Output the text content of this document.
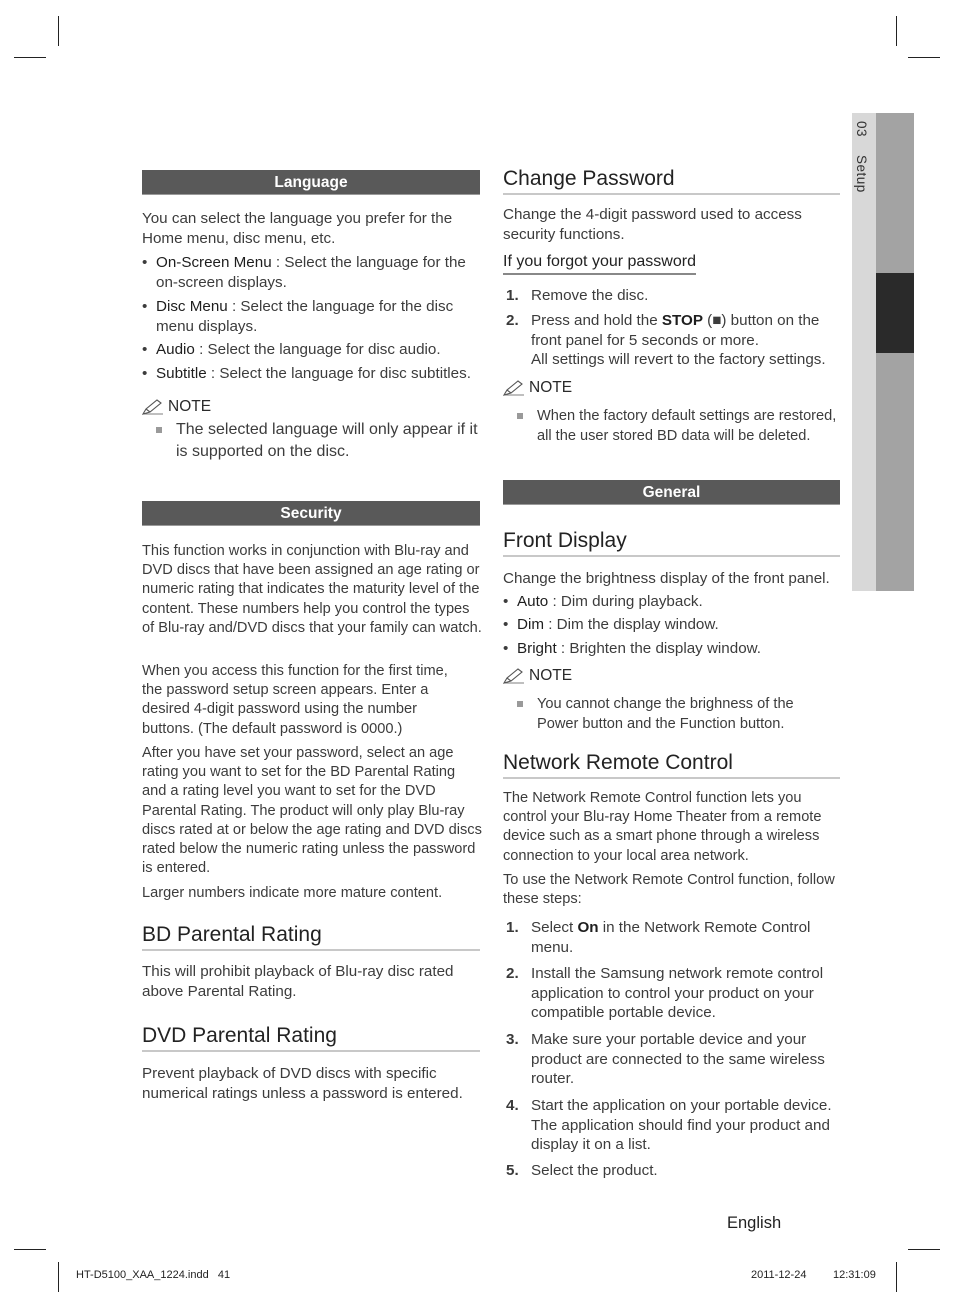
03 Setup
Language
You can select the language you prefer for the Home menu, disc menu, etc.
• On-Screen Menu : Select the language for the on-screen displays.
• Disc Menu : Select the language for the disc menu displays.
• Audio : Select the language for disc audio.
• Subtitle : Select the language for disc subtitles.
NOTE
The selected language will only appear if it is supported on the disc.
Security
This function works in conjunction with Blu-ray and DVD discs that have been assigned an age rating or numeric rating that indicates the maturity level of the content. These numbers help you control the types of Blu-ray and/DVD discs that your family can watch.
When you access this function for the first time, the password setup screen appears. Enter a desired 4-digit password using the number buttons. (The default password is 0000.)
After you have set your password, select an age rating you want to set for the BD Parental Rating and a rating level you want to set for the DVD Parental Rating. The product will only play Blu-ray discs rated at or below the age rating and DVD discs rated below the numeric rating unless the password is entered.
Larger numbers indicate more mature content.
BD Parental Rating
This will prohibit playback of Blu-ray disc rated above Parental Rating.
DVD Parental Rating
Prevent playback of DVD discs with specific numerical ratings unless a password is entered.
Change Password
Change the 4-digit password used to access security functions.
If you forgot your password
1. Remove the disc.
2. Press and hold the STOP (■) button on the front panel for 5 seconds or more.
All settings will revert to the factory settings.
NOTE
When the factory default settings are restored, all the user stored BD data will be deleted.
General
Front Display
Change the brightness display of the front panel.
• Auto : Dim during playback.
• Dim : Dim the display window.
• Bright : Brighten the display window.
NOTE
You cannot change the brighness of the Power button and the Function button.
Network Remote Control
The Network Remote Control function lets you control your Blu-ray Home Theater from a remote device such as a smart phone through a wireless connection to your local area network.
To use the Network Remote Control function, follow these steps:
1. Select On in the Network Remote Control menu.
2. Install the Samsung network remote control application to control your product on your compatible portable device.
3. Make sure your portable device and your product are connected to the same wireless router.
4. Start the application on your portable device. The application should find your product and display it on a list.
5. Select the product.
English
HT-D5100_XAA_1224.indd   41	2011-12-24 12:31:09
